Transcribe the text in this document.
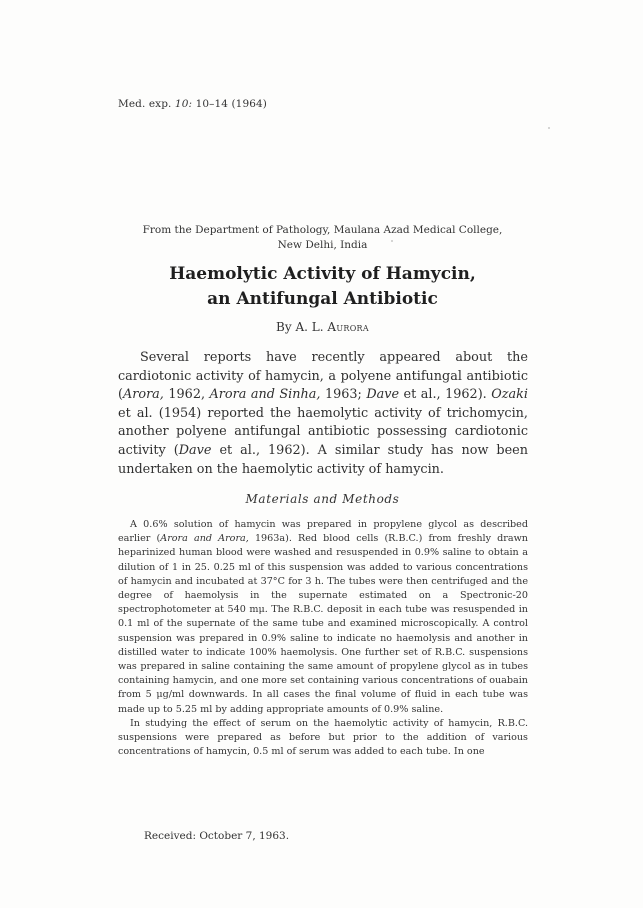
Med. exp. 10: 10–14 (1964)
From the Department of Pathology, Maulana Azad Medical College,
New Delhi, India
Haemolytic Activity of Hamycin,
an Antifungal Antibiotic
By A. L. Aurora

Several reports have recently appeared about the cardiotonic activity of hamycin, a polyene antifungal antibiotic (Arora, 1962, Arora and Sinha, 1963; Dave et al., 1962). Ozaki et al. (1954) reported the haemolytic activity of trichomycin, another polyene antifungal antibiotic possessing cardiotonic activity (Dave et al., 1962). A similar study has now been undertaken on the haemolytic activity of hamycin.

Materials and Methods

A 0.6% solution of hamycin was prepared in propylene glycol as described earlier (Arora and Arora, 1963a). Red blood cells (R.B.C.) from freshly drawn heparinized human blood were washed and resuspended in 0.9% saline to obtain a dilution of 1 in 25. 0.25 ml of this suspension was added to various concentrations of hamycin and incubated at 37°C for 3 h. The tubes were then centrifuged and the degree of haemolysis in the supernate estimated on a Spectronic-20 spectrophotometer at 540 mμ. The R.B.C. deposit in each tube was resuspended in 0.1 ml of the supernate of the same tube and examined microscopically. A control suspension was prepared in 0.9% saline to indicate no haemolysis and another in distilled water to indicate 100% haemolysis. One further set of R.B.C. suspensions was prepared in saline containing the same amount of propylene glycol as in tubes containing hamycin, and one more set containing various concentrations of ouabain from 5 μg/ml downwards. In all cases the final volume of fluid in each tube was made up to 5.25 ml by adding appropriate amounts of 0.9% saline.

In studying the effect of serum on the haemolytic activity of hamycin, R.B.C. suspensions were prepared as before but prior to the addition of various concentrations of hamycin, 0.5 ml of serum was added to each tube. In one

Received: October 7, 1963.
